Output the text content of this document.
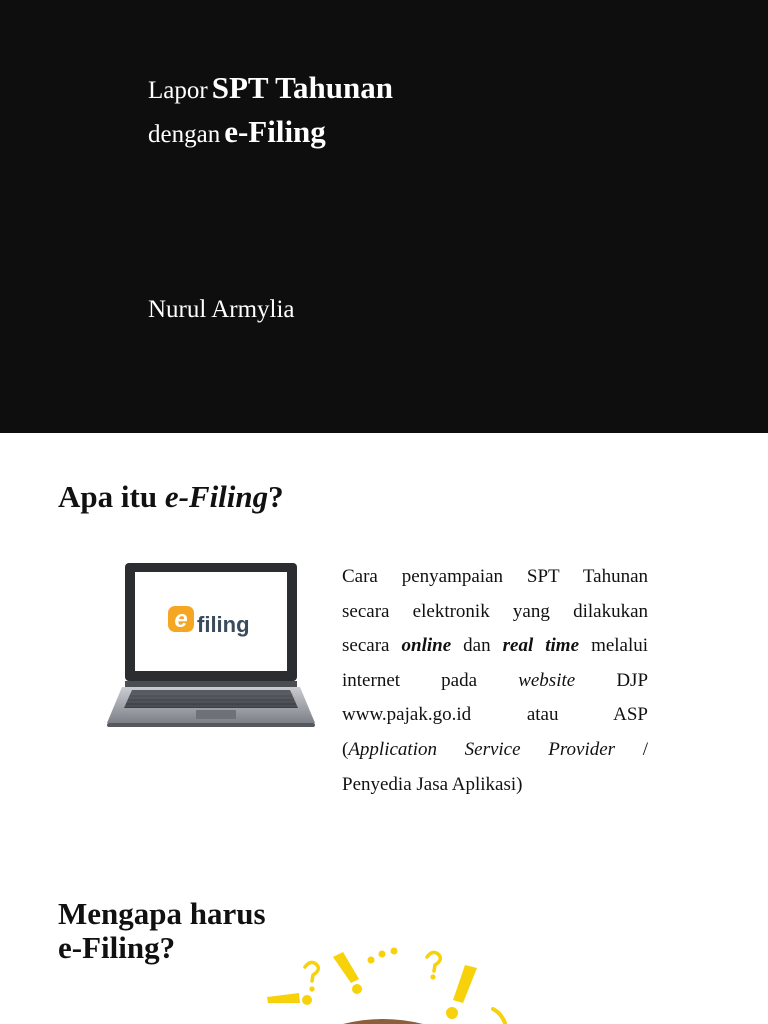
Lapor SPT Tahunan
dengan e-Filing
Nurul Armylia
Apa itu e-Filing?
e filing

Cara penyampaian SPT Tahunan
secara elektronik yang dilakukan
secara online dan real time melalui
internet pada website DJP
www.pajak.go.id atau ASP
(Application Service Provider /
Penyedia Jasa Aplikasi)

Mengapa harus
e-Filing?
